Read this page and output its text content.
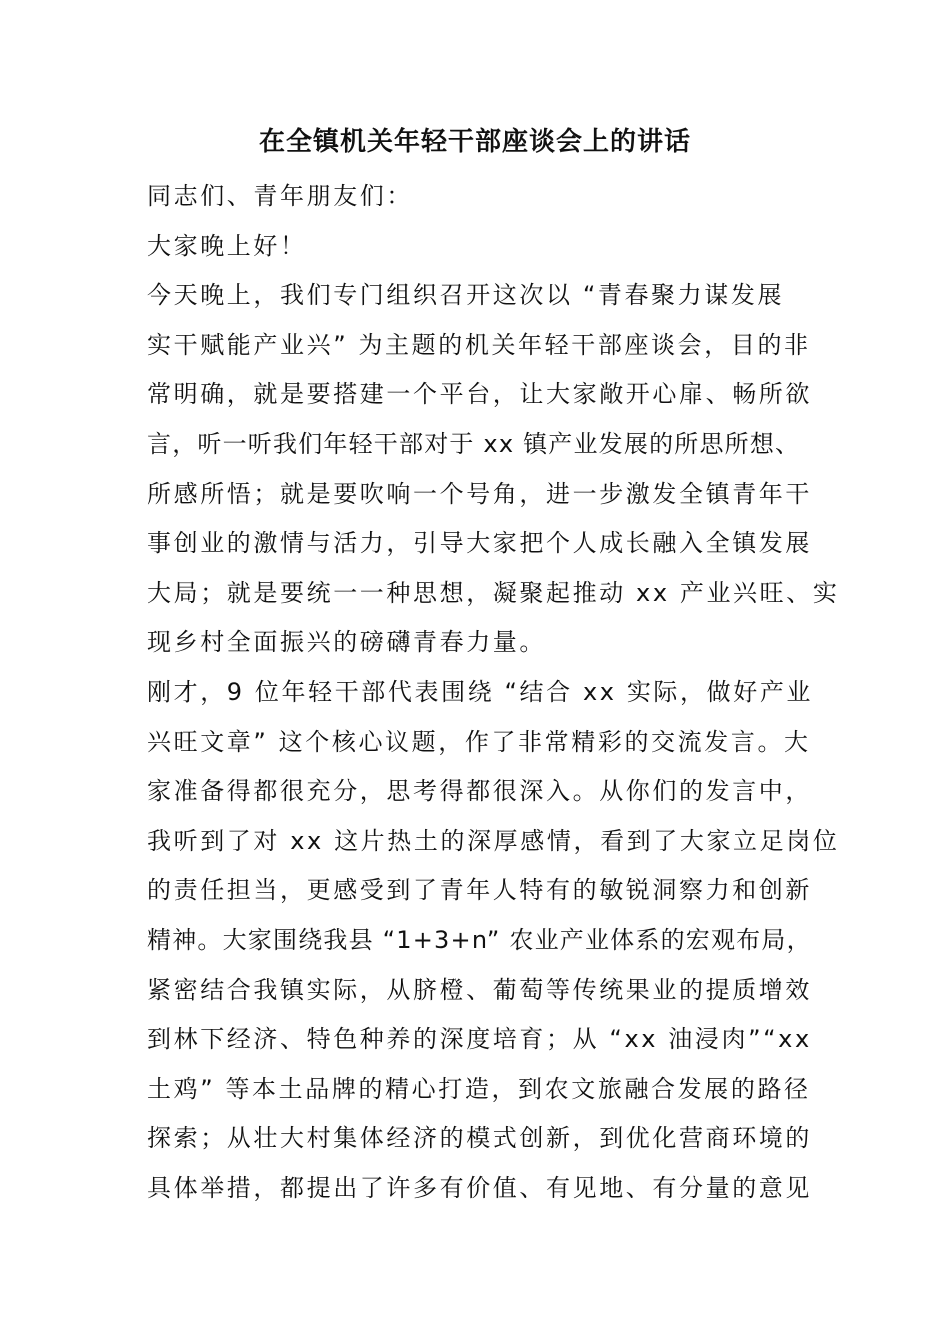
在全镇机关年轻干部座谈会上的讲话
同志们、青年朋友们：
大家晚上好！
今天晚上，我们专门组织召开这次以 “青春聚力谋发展
实干赋能产业兴” 为主题的机关年轻干部座谈会，目的非
常明确，就是要搭建一个平台，让大家敞开心扉、畅所欲
言，听一听我们年轻干部对于 xx 镇产业发展的所思所想、
所感所悟；就是要吹响一个号角，进一步激发全镇青年干
事创业的激情与活力，引导大家把个人成长融入全镇发展
大局；就是要统一一种思想，凝聚起推动 xx 产业兴旺、实
现乡村全面振兴的磅礴青春力量。
刚才，9 位年轻干部代表围绕 “结合 xx 实际，做好产业
兴旺文章” 这个核心议题，作了非常精彩的交流发言。大
家准备得都很充分，思考得都很深入。从你们的发言中，
我听到了对 xx 这片热土的深厚感情，看到了大家立足岗位
的责任担当，更感受到了青年人特有的敏锐洞察力和创新
精神。大家围绕我县 “1+3+n” 农业产业体系的宏观布局，
紧密结合我镇实际，从脐橙、葡萄等传统果业的提质增效
到林下经济、特色种养的深度培育；从 “xx 油浸肉”“xx
土鸡” 等本土品牌的精心打造，到农文旅融合发展的路径
探索；从壮大村集体经济的模式创新，到优化营商环境的
具体举措，都提出了许多有价值、有见地、有分量的意见
